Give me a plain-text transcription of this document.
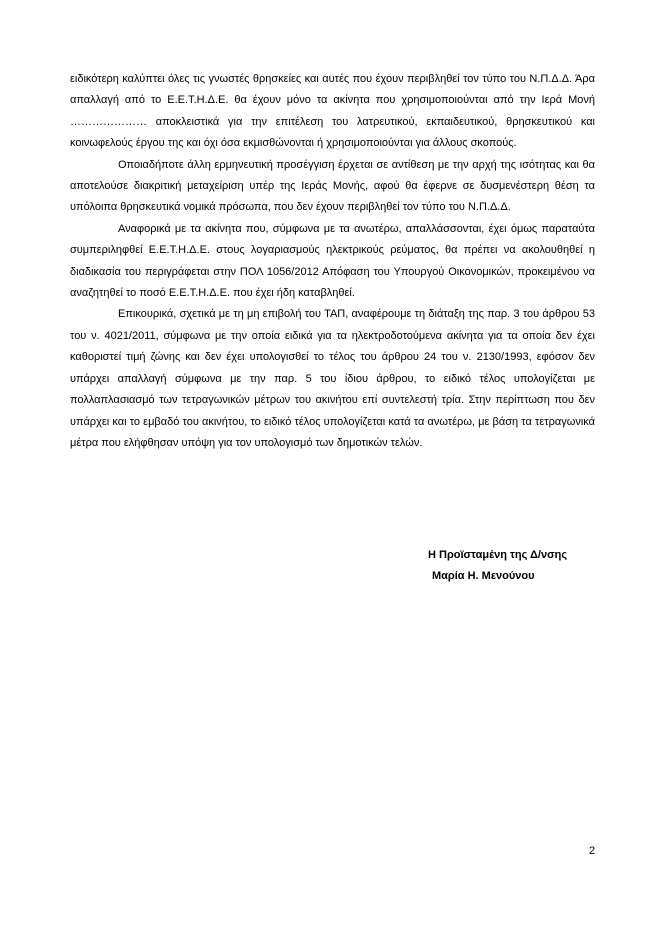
ειδικότερη καλύπτει όλες τις γνωστές θρησκείες και αυτές που έχουν περιβληθεί τον τύπο του Ν.Π.Δ.Δ. Άρα απαλλαγή από το Ε.Ε.Τ.Η.Δ.Ε. θα έχουν μόνο τα ακίνητα που χρησιμοποιούνται από την Ιερά Μονή ………………… αποκλειστικά για την επιτέλεση του λατρευτικού, εκπαιδευτικού, θρησκευτικού και κοινωφελούς έργου της και όχι όσα εκμισθώνονται ή χρησιμοποιούνται για άλλους σκοπούς.

Οποιαδήποτε άλλη ερμηνευτική προσέγγιση έρχεται σε αντίθεση με την αρχή της ισότητας και θα αποτελούσε διακριτική μεταχείριση υπέρ της Ιεράς Μονής, αφού θα έφερνε σε δυσμενέστερη θέση τα υπόλοιπα θρησκευτικά νομικά πρόσωπα, που δεν έχουν περιβληθεί τον τύπο του Ν.Π.Δ.Δ.

Αναφορικά με τα ακίνητα που, σύμφωνα με τα ανωτέρω, απαλλάσσονται, έχει όμως παραταύτα συμπεριληφθεί Ε.Ε.Τ.Η.Δ.Ε. στους λογαριασμούς ηλεκτρικούς ρεύματος, θα πρέπει να ακολουθηθεί η διαδικασία του περιγράφεται στην ΠΟΛ 1056/2012 Απόφαση του Υπουργού Οικονομικών, προκειμένου να αναζητηθεί το ποσό Ε.Ε.Τ.Η.Δ.Ε. που έχει ήδη καταβληθεί.

Επικουρικά, σχετικά με τη μη επιβολή του ΤΑΠ, αναφέρουμε τη διάταξη της παρ. 3 του άρθρου 53 του ν. 4021/2011, σύμφωνα με την οποία ειδικά για τα ηλεκτροδοτούμενα ακίνητα για τα οποία δεν έχει καθοριστεί τιμή ζώνης και δεν έχει υπολογισθεί το τέλος του άρθρου 24 του ν. 2130/1993, εφόσον δεν υπάρχει απαλλαγή σύμφωνα με την παρ. 5 του ίδιου άρθρου, το ειδικό τέλος υπολογίζεται με πολλαπλασιασμό των τετραγωνικών μέτρων του ακινήτου επί συντελεστή τρία. Στην περίπτωση που δεν υπάρχει και το εμβαδό του ακινήτου, το ειδικό τέλος υπολογίζεται κατά τα ανωτέρω, με βάση τα τετραγωνικά μέτρα που ελήφθησαν υπόψη για τον υπολογισμό των δημοτικών τελών.

Η Προϊσταμένη της Δ/νσης
Μαρία Η. Μενούνου
2
